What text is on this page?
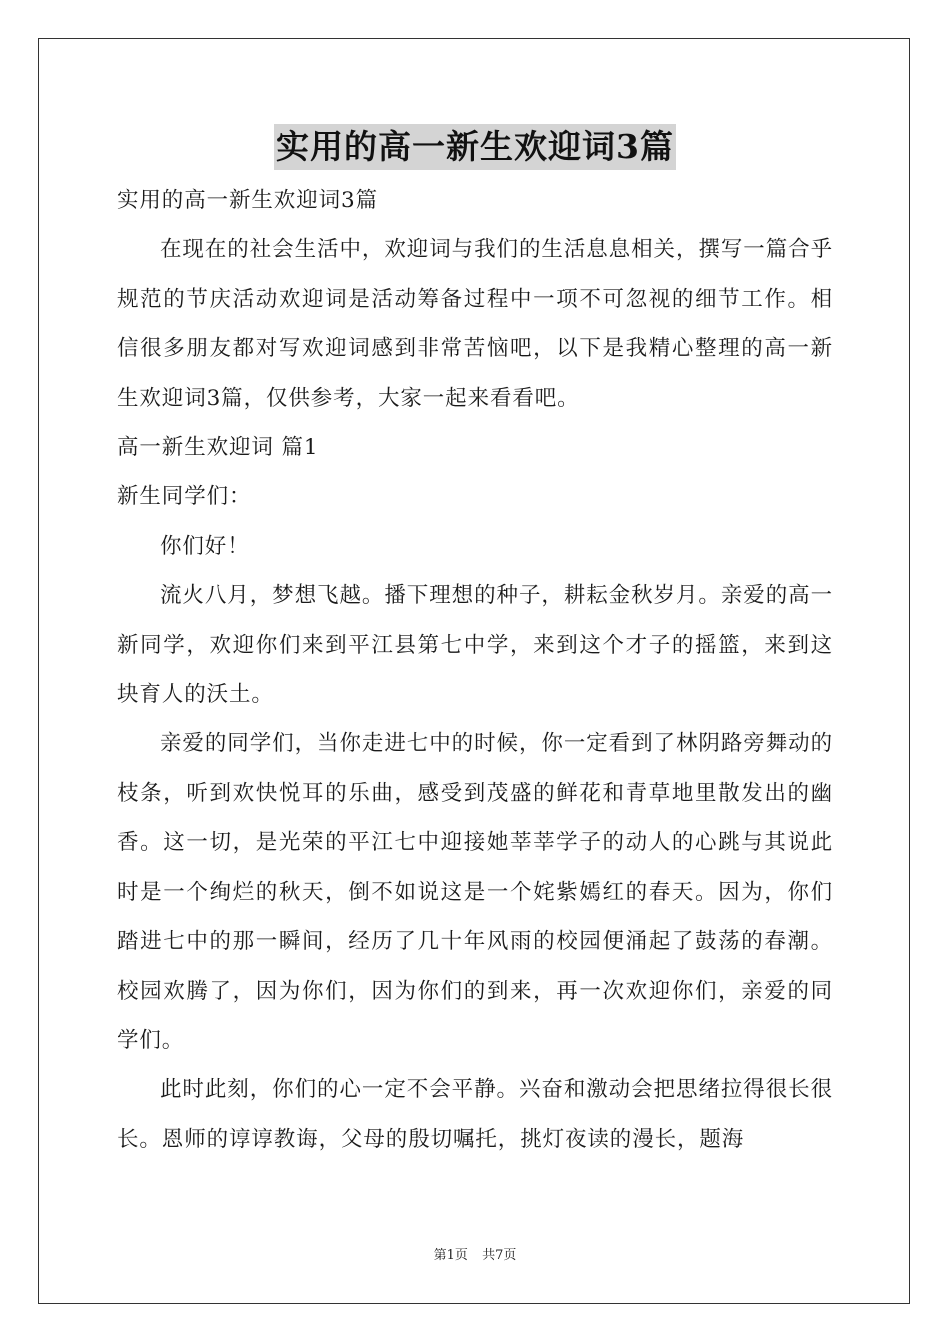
实用的高一新生欢迎词3篇

实用的高一新生欢迎词3篇

在现在的社会生活中，欢迎词与我们的生活息息相关，撰写一篇合乎规范的节庆活动欢迎词是活动筹备过程中一项不可忽视的细节工作。相信很多朋友都对写欢迎词感到非常苦恼吧，以下是我精心整理的高一新生欢迎词3篇，仅供参考，大家一起来看看吧。

高一新生欢迎词 篇1

新生同学们：

你们好！

流火八月，梦想飞越。播下理想的种子，耕耘金秋岁月。亲爱的高一新同学，欢迎你们来到平江县第七中学，来到这个才子的摇篮，来到这块育人的沃土。

亲爱的同学们，当你走进七中的时候，你一定看到了林阴路旁舞动的枝条，听到欢快悦耳的乐曲，感受到茂盛的鲜花和青草地里散发出的幽香。这一切，是光荣的平江七中迎接她莘莘学子的动人的心跳与其说此时是一个绚烂的秋天，倒不如说这是一个姹紫嫣红的春天。因为，你们踏进七中的那一瞬间，经历了几十年风雨的校园便涌起了鼓荡的春潮。校园欢腾了，因为你们，因为你们的到来，再一次欢迎你们，亲爱的同学们。

此时此刻，你们的心一定不会平静。兴奋和激动会把思绪拉得很长很长。恩师的谆谆教诲，父母的殷切嘱托，挑灯夜读的漫长，题海

第1页 共7页
